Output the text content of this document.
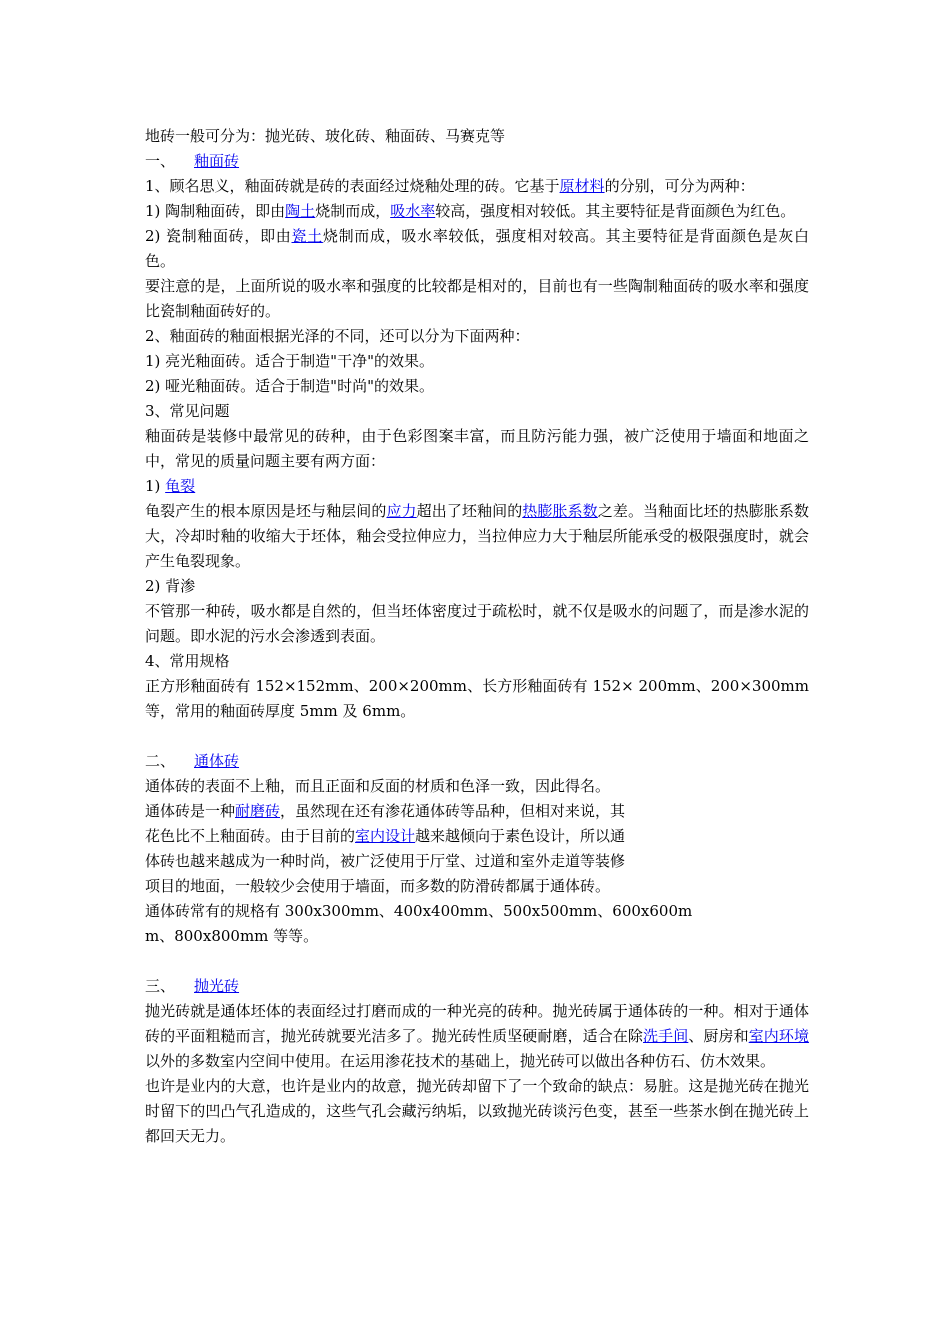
地砖一般可分为：抛光砖、玻化砖、釉面砖、马赛克等

一、 釉面砖

1、顾名思义，釉面砖就是砖的表面经过烧釉处理的砖。它基于原材料的分别，可分为两种：

1) 陶制釉面砖，即由陶土烧制而成，吸水率较高，强度相对较低。其主要特征是背面颜色为红色。

2) 瓷制釉面砖，即由瓷土烧制而成，吸水率较低，强度相对较高。其主要特征是背面颜色是灰白色。

要注意的是，上面所说的吸水率和强度的比较都是相对的，目前也有一些陶制釉面砖的吸水率和强度比瓷制釉面砖好的。

2、釉面砖的釉面根据光泽的不同，还可以分为下面两种：

1) 亮光釉面砖。适合于制造"干净"的效果。

2) 哑光釉面砖。适合于制造"时尚"的效果。

3、常见问题

釉面砖是装修中最常见的砖种，由于色彩图案丰富，而且防污能力强，被广泛使用于墙面和地面之中，常见的质量问题主要有两方面：

1) 龟裂

龟裂产生的根本原因是坯与釉层间的应力超出了坯釉间的热膨胀系数之差。当釉面比坯的热膨胀系数大，冷却时釉的收缩大于坯体，釉会受拉伸应力，当拉伸应力大于釉层所能承受的极限强度时，就会产生龟裂现象。

2) 背渗

不管那一种砖，吸水都是自然的，但当坯体密度过于疏松时，就不仅是吸水的问题了，而是渗水泥的问题。即水泥的污水会渗透到表面。

4、常用规格

正方形釉面砖有 152×152mm、200×200mm、长方形釉面砖有 152× 200mm、200×300mm 等，常用的釉面砖厚度 5mm 及 6mm。

二、 通体砖

通体砖的表面不上釉，而且正面和反面的材质和色泽一致，因此得名。

通体砖是一种耐磨砖，虽然现在还有渗花通体砖等品种，但相对来说，其花色比不上釉面砖。由于目前的室内设计越来越倾向于素色设计，所以通体砖也越来越成为一种时尚，被广泛使用于厅堂、过道和室外走道等装修项目的地面，一般较少会使用于墙面，而多数的防滑砖都属于通体砖。

通体砖常有的规格有 300x300mm、400x400mm、500x500mm、600x600mm、800x800mm 等等。

三、 抛光砖

抛光砖就是通体坯体的表面经过打磨而成的一种光亮的砖种。抛光砖属于通体砖的一种。相对于通体砖的平面粗糙而言，抛光砖就要光洁多了。抛光砖性质坚硬耐磨，适合在除洗手间、厨房和室内环境以外的多数室内空间中使用。在运用渗花技术的基础上，抛光砖可以做出各种仿石、仿木效果。

也许是业内的大意，也许是业内的故意，抛光砖却留下了一个致命的缺点：易脏。这是抛光砖在抛光时留下的凹凸气孔造成的，这些气孔会藏污纳垢，以致抛光砖谈污色变，甚至一些茶水倒在抛光砖上都回天无力。
